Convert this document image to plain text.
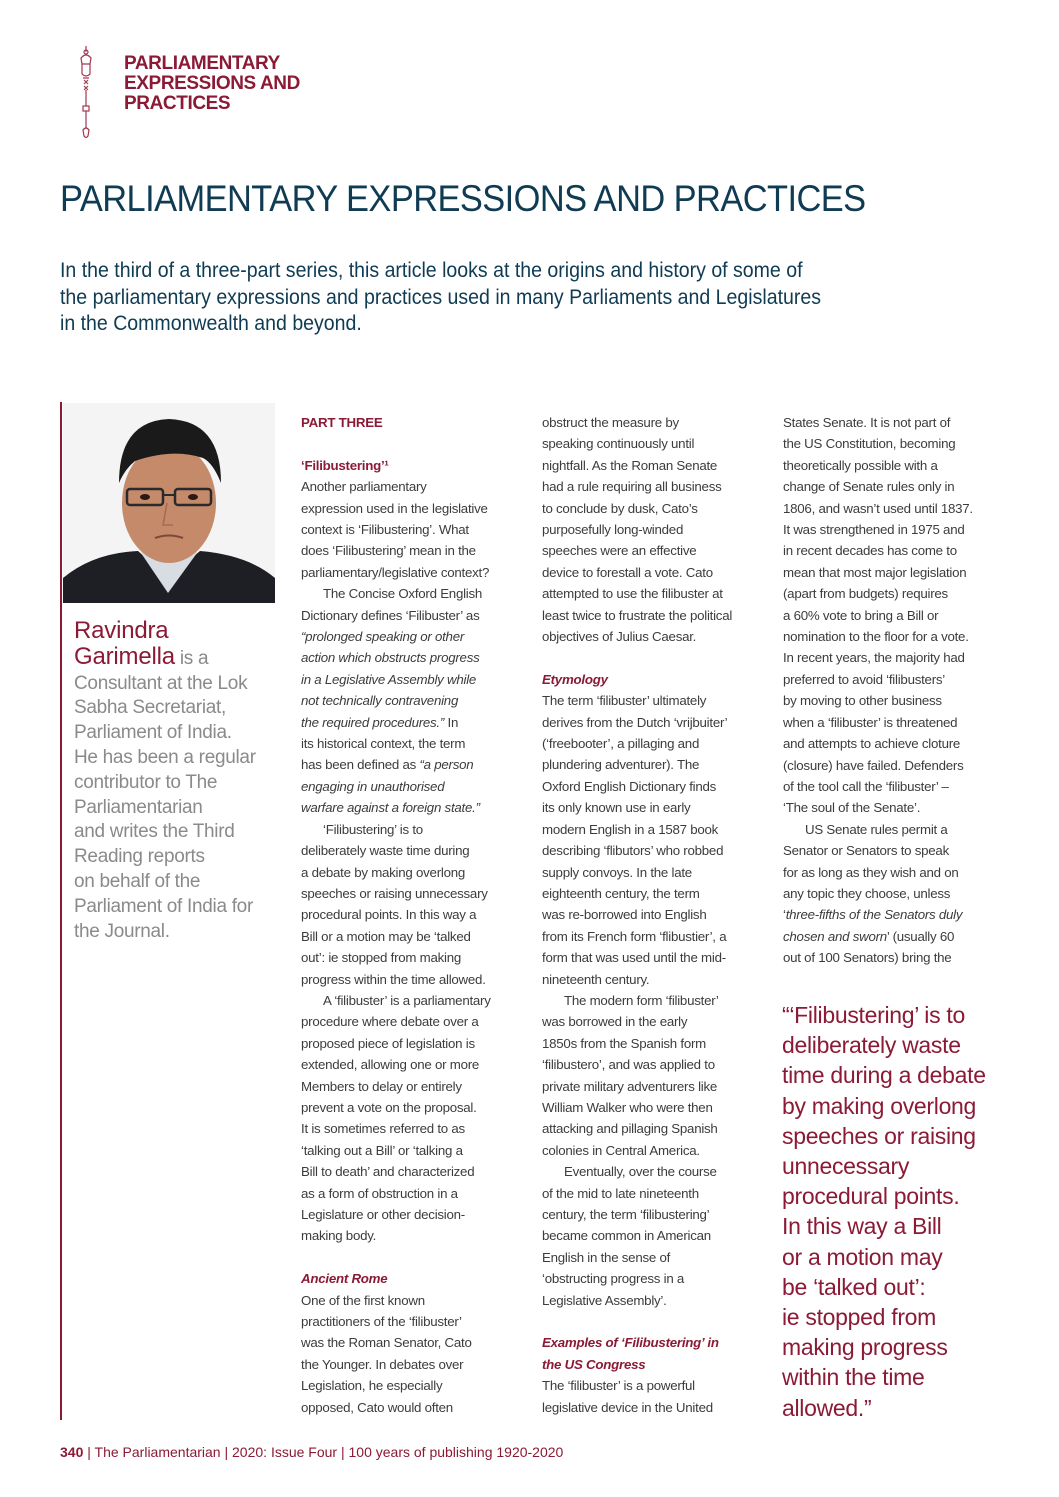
PARLIAMENTARY
EXPRESSIONS AND
PRACTICES
PARLIAMENTARY EXPRESSIONS AND PRACTICES
In the third of a three-part series, this article looks at the origins and history of some of
the parliamentary expressions and practices used in many Parliaments and Legislatures
in the Commonwealth and beyond.
Ravindra
Garimella is a
Consultant at the Lok
Sabha Secretariat,
Parliament of India.
He has been a regular
contributor to The
Parliamentarian
and writes the Third
Reading reports
on behalf of the
Parliament of India for
the Journal.
PART THREE
‘Filibustering’¹
Another parliamentary
expression used in the legislative
context is ‘Filibustering’. What
does ‘Filibustering’ mean in the
parliamentary/legislative context?
The Concise Oxford English
Dictionary defines ‘Filibuster’ as
“prolonged speaking or other
action which obstructs progress
in a Legislative Assembly while
not technically contravening
the required procedures.” In
its historical context, the term
has been defined as “a person
engaging in unauthorised
warfare against a foreign state.”
‘Filibustering’ is to
deliberately waste time during
a debate by making overlong
speeches or raising unnecessary
procedural points. In this way a
Bill or a motion may be ‘talked
out’: ie stopped from making
progress within the time allowed.
A ‘filibuster’ is a parliamentary
procedure where debate over a
proposed piece of legislation is
extended, allowing one or more
Members to delay or entirely
prevent a vote on the proposal.
It is sometimes referred to as
‘talking out a Bill’ or ‘talking a
Bill to death’ and characterized
as a form of obstruction in a
Legislature or other decision-
making body.
Ancient Rome
One of the first known
practitioners of the ‘filibuster’
was the Roman Senator, Cato
the Younger. In debates over
Legislation, he especially
opposed, Cato would often
obstruct the measure by
speaking continuously until
nightfall. As the Roman Senate
had a rule requiring all business
to conclude by dusk, Cato’s
purposefully long-winded
speeches were an effective
device to forestall a vote. Cato
attempted to use the filibuster at
least twice to frustrate the political
objectives of Julius Caesar.
Etymology
The term ‘filibuster’ ultimately
derives from the Dutch ‘vrijbuiter’
(‘freebooter’, a pillaging and
plundering adventurer). The
Oxford English Dictionary finds
its only known use in early
modern English in a 1587 book
describing ‘flibutors’ who robbed
supply convoys. In the late
eighteenth century, the term
was re-borrowed into English
from its French form ‘flibustier’, a
form that was used until the mid-
nineteenth century.
The modern form ‘filibuster’
was borrowed in the early
1850s from the Spanish form
‘filibustero’, and was applied to
private military adventurers like
William Walker who were then
attacking and pillaging Spanish
colonies in Central America.
Eventually, over the course
of the mid to late nineteenth
century, the term ‘filibustering’
became common in American
English in the sense of
‘obstructing progress in a
Legislative Assembly’.
Examples of ‘Filibustering’ in
the US Congress
The ‘filibuster’ is a powerful
legislative device in the United
States Senate. It is not part of
the US Constitution, becoming
theoretically possible with a
change of Senate rules only in
1806, and wasn’t used until 1837.
It was strengthened in 1975 and
in recent decades has come to
mean that most major legislation
(apart from budgets) requires
a 60% vote to bring a Bill or
nomination to the floor for a vote.
In recent years, the majority had
preferred to avoid ‘filibusters’
by moving to other business
when a ‘filibuster’ is threatened
and attempts to achieve cloture
(closure) have failed. Defenders
of the tool call the ‘filibuster’ –
‘The soul of the Senate’.
US Senate rules permit a
Senator or Senators to speak
for as long as they wish and on
any topic they choose, unless
‘three-fifths of the Senators duly
chosen and sworn’ (usually 60
out of 100 Senators) bring the
“‘Filibustering’ is to
deliberately waste
time during a debate
by making overlong
speeches or raising
unnecessary
procedural points.
In this way a Bill
or a motion may
be ‘talked out’:
ie stopped from
making progress
within the time
allowed.”
340 | The Parliamentarian | 2020: Issue Four | 100 years of publishing 1920-2020
